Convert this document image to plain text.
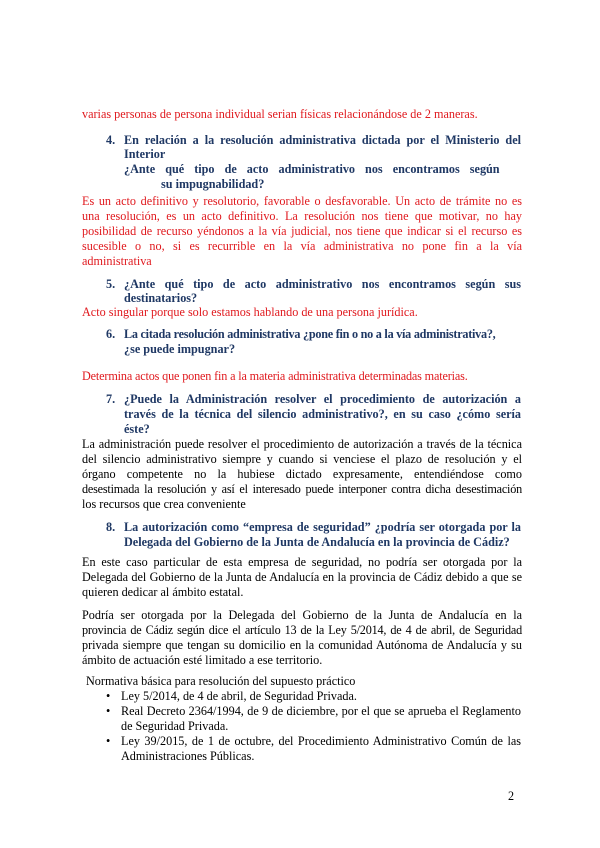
varias personas de persona individual serian físicas relacionándose de 2 maneras.
4. En relación a la resolución administrativa dictada por el Ministerio del
Interior
¿Ante qué tipo de acto administrativo nos encontramos según
su impugnabilidad?
Es un acto definitivo y resolutorio, favorable o desfavorable. Un acto de trámite no es
una resolución, es un acto definitivo. La resolución nos tiene que motivar, no hay
posibilidad de recurso yéndonos a la vía judicial, nos tiene que indicar si el recurso es
sucesible o no, si es recurrible en la vía administrativa no pone fin a la vía
administrativa
5. ¿Ante qué tipo de acto administrativo nos encontramos según sus
destinatarios?
Acto singular porque solo estamos hablando de una persona jurídica.
6. La citada resolución administrativa ¿pone fin o no a la vía administrativa?,
¿se puede impugnar?
Determina actos que ponen fin a la materia administrativa determinadas materias.
7. ¿Puede la Administración resolver el procedimiento de autorización a
través de la técnica del silencio administrativo?, en su caso ¿cómo sería
éste?
La administración puede resolver el procedimiento de autorización a través de la técnica
del silencio administrativo siempre y cuando si venciese el plazo de resolución y el
órgano competente no la hubiese dictado expresamente, entendiéndose como
desestimada la resolución y así el interesado puede interponer contra dicha desestimación
los recursos que crea conveniente
8. La autorización como “empresa de seguridad” ¿podría ser otorgada por la
Delegada del Gobierno de la Junta de Andalucía en la provincia de Cádiz?
En este caso particular de esta empresa de seguridad, no podría ser otorgada por la
Delegada del Gobierno de la Junta de Andalucía en la provincia de Cádiz debido a que se
quieren dedicar al ámbito estatal.
Podría ser otorgada por la Delegada del Gobierno de la Junta de Andalucía en la
provincia de Cádiz según dice el artículo 13 de la Ley 5/2014, de 4 de abril, de Seguridad
privada siempre que tengan su domicilio en la comunidad Autónoma de Andalucía y su
ámbito de actuación esté limitado a ese territorio.
Normativa básica para resolución del supuesto práctico
• Ley 5/2014, de 4 de abril, de Seguridad Privada.
• Real Decreto 2364/1994, de 9 de diciembre, por el que se aprueba el Reglamento
de Seguridad Privada.
• Ley 39/2015, de 1 de octubre, del Procedimiento Administrativo Común de las
Administraciones Públicas.
2
